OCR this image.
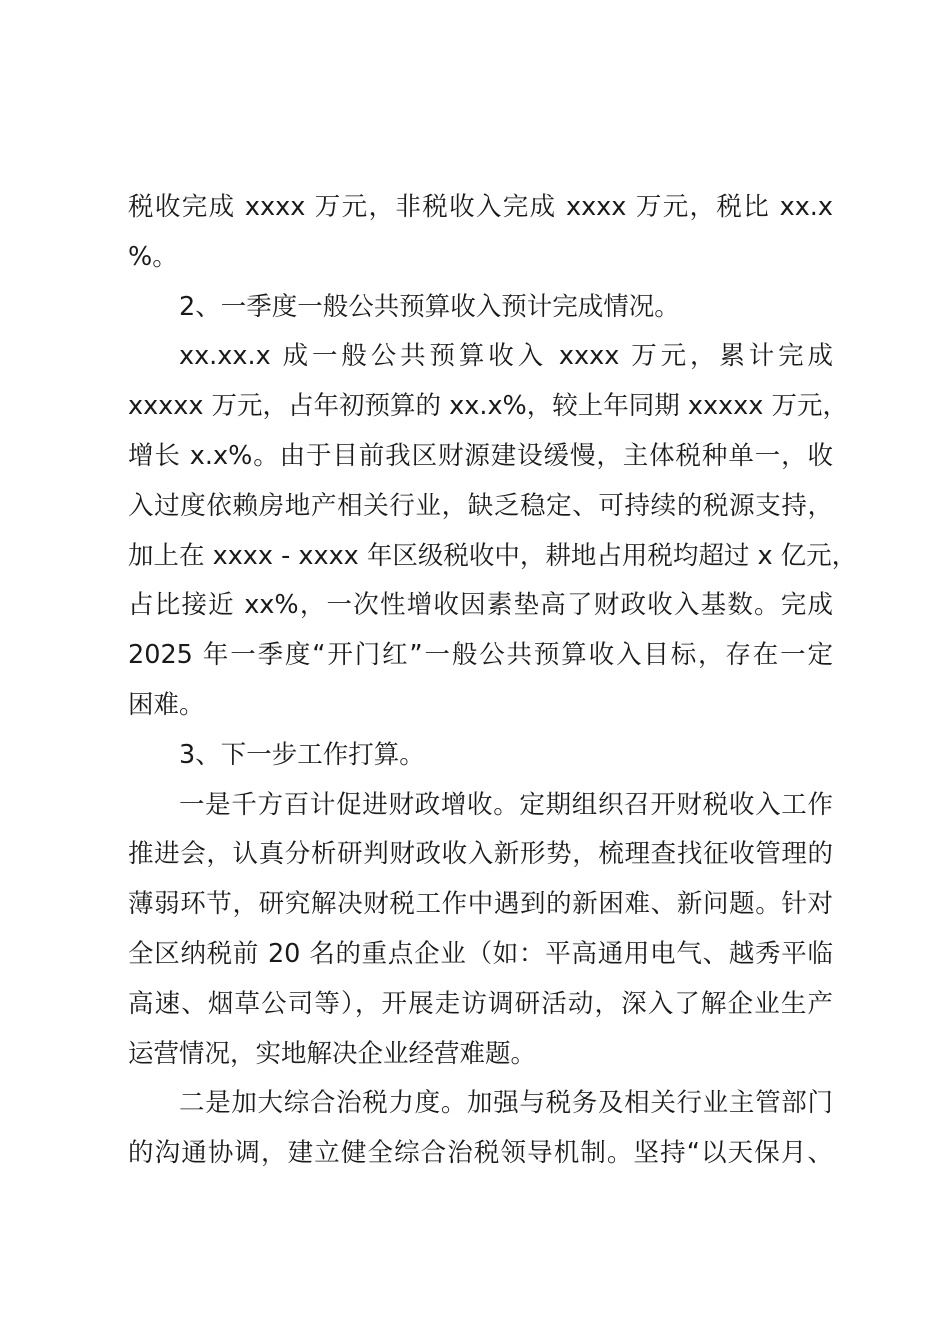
税收完成 xxxx 万元，非税收入完成 xxxx 万元，税比 xx.x
%。
2、一季度一般公共预算收入预计完成情况。
xx.xx.x 成一般公共预算收入 xxxx 万元，累计完成
xxxxx 万元，占年初预算的 xx.x%，较上年同期 xxxxx 万元，
增长 x.x%。由于目前我区财源建设缓慢，主体税种单一，收
入过度依赖房地产相关行业，缺乏稳定、可持续的税源支持，
加上在 xxxx - xxxx 年区级税收中，耕地占用税均超过 x 亿元，
占比接近 xx%，一次性增收因素垫高了财政收入基数。完成
2025 年一季度“开门红”一般公共预算收入目标，存在一定
困难。
3、下一步工作打算。
一是千方百计促进财政增收。定期组织召开财税收入工作
推进会，认真分析研判财政收入新形势，梳理查找征收管理的
薄弱环节，研究解决财税工作中遇到的新困难、新问题。针对
全区纳税前 20 名的重点企业（如：平高通用电气、越秀平临
高速、烟草公司等），开展走访调研活动，深入了解企业生产
运营情况，实地解决企业经营难题。
二是加大综合治税力度。加强与税务及相关行业主管部门
的沟通协调，建立健全综合治税领导机制。坚持“以天保月、
